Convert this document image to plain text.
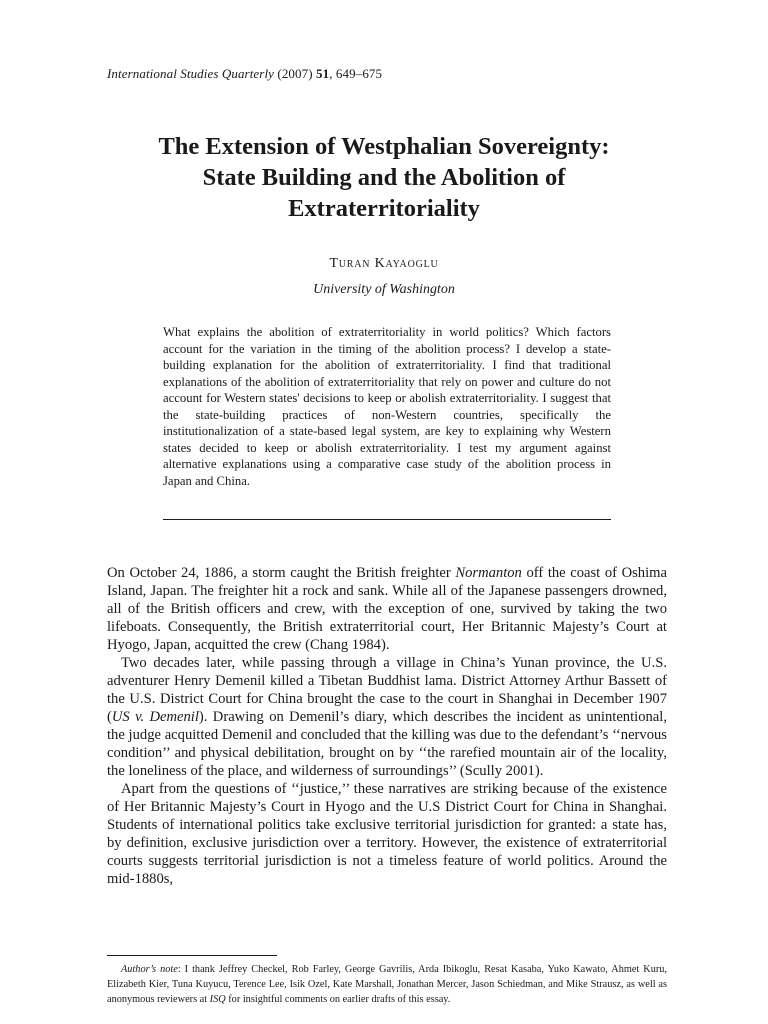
International Studies Quarterly (2007) 51, 649–675
The Extension of Westphalian Sovereignty:
State Building and the Abolition of
Extraterritoriality
Turan Kayaoglu
University of Washington

What explains the abolition of extraterritoriality in world politics? Which factors account for the variation in the timing of the abolition process? I develop a state-building explanation for the abolition of extraterritoriality. I find that traditional explanations of the abolition of extraterritoriality that rely on power and culture do not account for Western states' decisions to keep or abolish extraterritoriality. I suggest that the state-building practices of non-Western countries, specifically the institutionalization of a state-based legal system, are key to explaining why Western states decided to keep or abolish extraterritoriality. I test my argument against alternative explanations using a comparative case study of the abolition process in Japan and China.

On October 24, 1886, a storm caught the British freighter Normanton off the coast of Oshima Island, Japan. The freighter hit a rock and sank. While all of the Japanese passengers drowned, all of the British officers and crew, with the exception of one, survived by taking the two lifeboats. Consequently, the British extraterritorial court, Her Britannic Majesty’s Court at Hyogo, Japan, acquitted the crew (Chang 1984).

Two decades later, while passing through a village in China’s Yunan province, the U.S. adventurer Henry Demenil killed a Tibetan Buddhist lama. District Attorney Arthur Bassett of the U.S. District Court for China brought the case to the court in Shanghai in December 1907 (US v. Demenil). Drawing on Demenil’s diary, which describes the incident as unintentional, the judge acquitted Demenil and concluded that the killing was due to the defendant’s ‘‘nervous condition’’ and physical debilitation, brought on by ‘‘the rarefied mountain air of the locality, the loneliness of the place, and wilderness of surroundings’’ (Scully 2001).

Apart from the questions of ‘‘justice,’’ these narratives are striking because of the existence of Her Britannic Majesty’s Court in Hyogo and the U.S District Court for China in Shanghai. Students of international politics take exclusive territorial jurisdiction for granted: a state has, by definition, exclusive jurisdiction over a territory. However, the existence of extraterritorial courts suggests territorial jurisdiction is not a timeless feature of world politics. Around the mid-1880s,

Author’s note: I thank Jeffrey Checkel, Rob Farley, George Gavrilis, Arda Ibikoglu, Resat Kasaba, Yuko Kawato, Ahmet Kuru, Elizabeth Kier, Tuna Kuyucu, Terence Lee, Isik Ozel, Kate Marshall, Jonathan Mercer, Jason Schiedman, and Mike Strausz, as well as anonymous reviewers at ISQ for insightful comments on earlier drafts of this essay.
